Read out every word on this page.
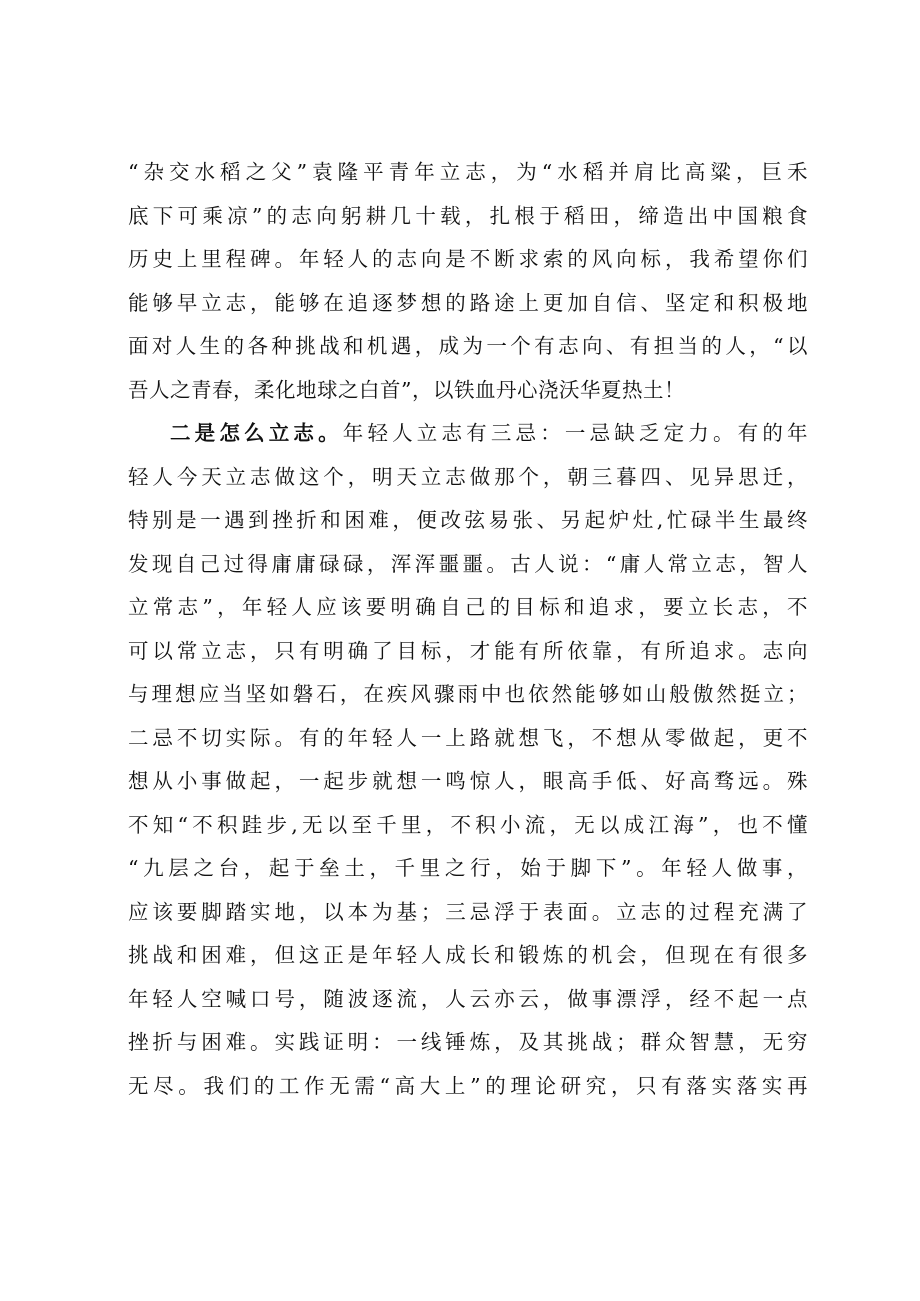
“杂交水稻之父”袁隆平青年立志，为“水稻并肩比高粱，巨禾
底下可乘凉”的志向躬耕几十载，扎根于稻田，缔造出中国粮食
历史上里程碑。年轻人的志向是不断求索的风向标，我希望你们
能够早立志，能够在追逐梦想的路途上更加自信、坚定和积极地
面对人生的各种挑战和机遇，成为一个有志向、有担当的人，“以
吾人之青春，柔化地球之白首”，以铁血丹心浇沃华夏热土！
二是怎么立志。年轻人立志有三忌：一忌缺乏定力。有的年
轻人今天立志做这个，明天立志做那个，朝三暮四、见异思迁，
特别是一遇到挫折和困难，便改弦易张、另起炉灶,忙碌半生最终
发现自己过得庸庸碌碌，浑浑噩噩。古人说：“庸人常立志，智人
立常志”，年轻人应该要明确自己的目标和追求，要立长志，不
可以常立志，只有明确了目标，才能有所依靠，有所追求。志向
与理想应当坚如磐石，在疾风骤雨中也依然能够如山般傲然挺立；
二忌不切实际。有的年轻人一上路就想飞，不想从零做起，更不
想从小事做起，一起步就想一鸣惊人，眼高手低、好高骛远。殊
不知“不积跬步,无以至千里，不积小流，无以成江海”，也不懂
“九层之台，起于垒土，千里之行，始于脚下”。年轻人做事，
应该要脚踏实地，以本为基；三忌浮于表面。立志的过程充满了
挑战和困难，但这正是年轻人成长和锻炼的机会，但现在有很多
年轻人空喊口号，随波逐流，人云亦云，做事漂浮，经不起一点
挫折与困难。实践证明：一线锤炼，及其挑战；群众智慧，无穷
无尽。我们的工作无需“高大上”的理论研究，只有落实落实再
